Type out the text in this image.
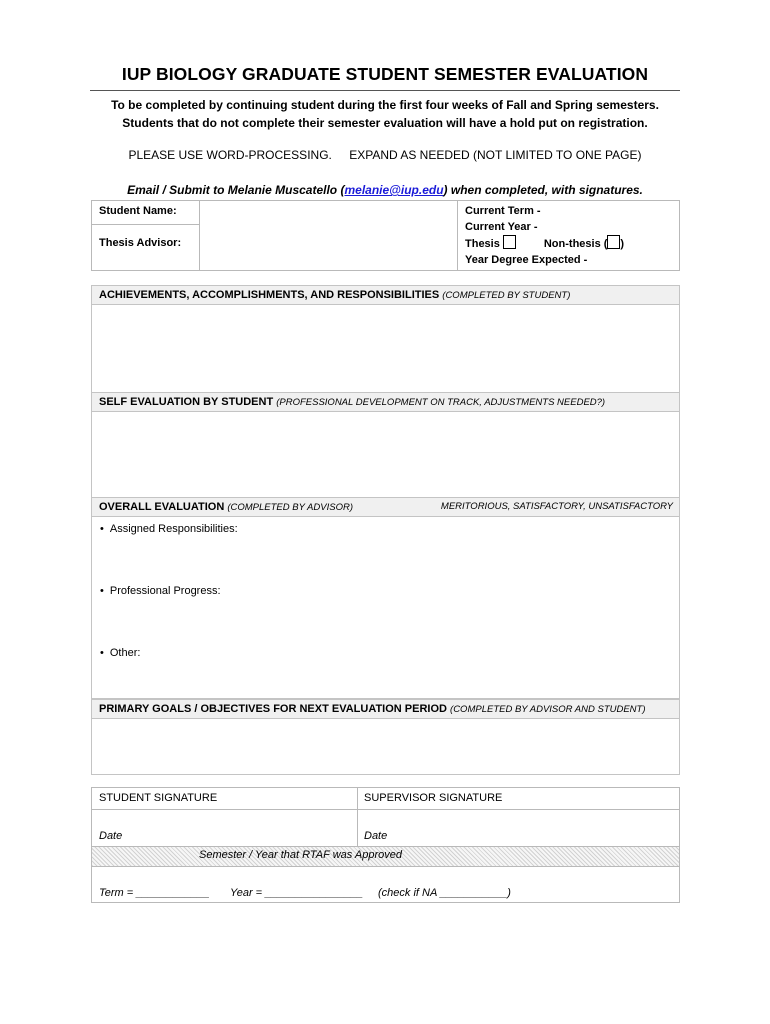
IUP BIOLOGY GRADUATE STUDENT SEMESTER EVALUATION
To be completed by continuing student during the first four weeks of Fall and Spring semesters.
Students that do not complete their semester evaluation will have a hold put on registration.
PLEASE USE WORD-PROCESSING. EXPAND AS NEEDED (NOT LIMITED TO ONE PAGE)
Email / Submit to Melanie Muscatello (melanie@iup.edu) when completed, with signatures.
Student Name:
Thesis Advisor:
Current Term -
Current Year -
Thesis	Non-thesis ( )
Year Degree Expected -
ACHIEVEMENTS, ACCOMPLISHMENTS, AND RESPONSIBILITIES (COMPLETED BY STUDENT)
SELF EVALUATION BY STUDENT (PROFESSIONAL DEVELOPMENT ON TRACK, ADJUSTMENTS NEEDED?)
OVERALL EVALUATION (COMPLETED BY ADVISOR)	MERITORIOUS, SATISFACTORY, UNSATISFACTORY
• Assigned Responsibilities:
• Professional Progress:
• Other:
PRIMARY GOALS / OBJECTIVES FOR NEXT EVALUATION PERIOD (COMPLETED BY ADVISOR AND STUDENT)
STUDENT SIGNATURE	SUPERVISOR SIGNATURE
Date	Date
Semester / Year that RTAF was Approved
Term = ____________ Year = ________________ (check if NA ___________)
